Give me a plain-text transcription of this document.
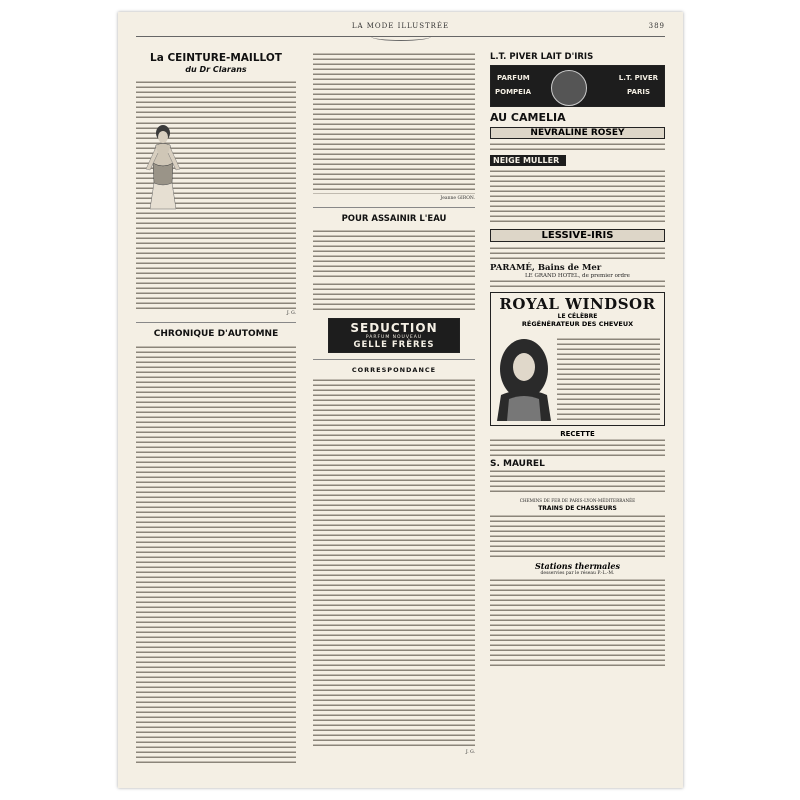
LA MODE ILLUSTRÉE	389
La CEINTURE-MAILLOT
du Dr Clarans
J. G.
CHRONIQUE D'AUTOMNE
Jeanne GIRON.
POUR ASSAINIR L'EAU
SEDUCTION
PARFUM NOUVEAU
GELLE FRÈRES
CORRESPONDANCE
J. G.
L.T. PIVER LAIT D'IRIS
PARFUM
POMPEIA
L.T. PIVER
PARIS
AU CAMELIA
NEVRALINE ROSEY
NEIGE MULLER
LESSIVE-IRIS
PARAMÉ, Bains de Mer
LE GRAND HOTEL, de premier ordre
ROYAL WINDSOR
LE CÉLÈBRE
RÉGÉNÉRATEUR DES CHEVEUX
RECETTE
S. MAUREL
CHEMINS DE FER DE PARIS-LYON-MÉDITERRANÉE
TRAINS DE CHASSEURS
Stations thermales
desservies par le réseau P.-L.-M.
